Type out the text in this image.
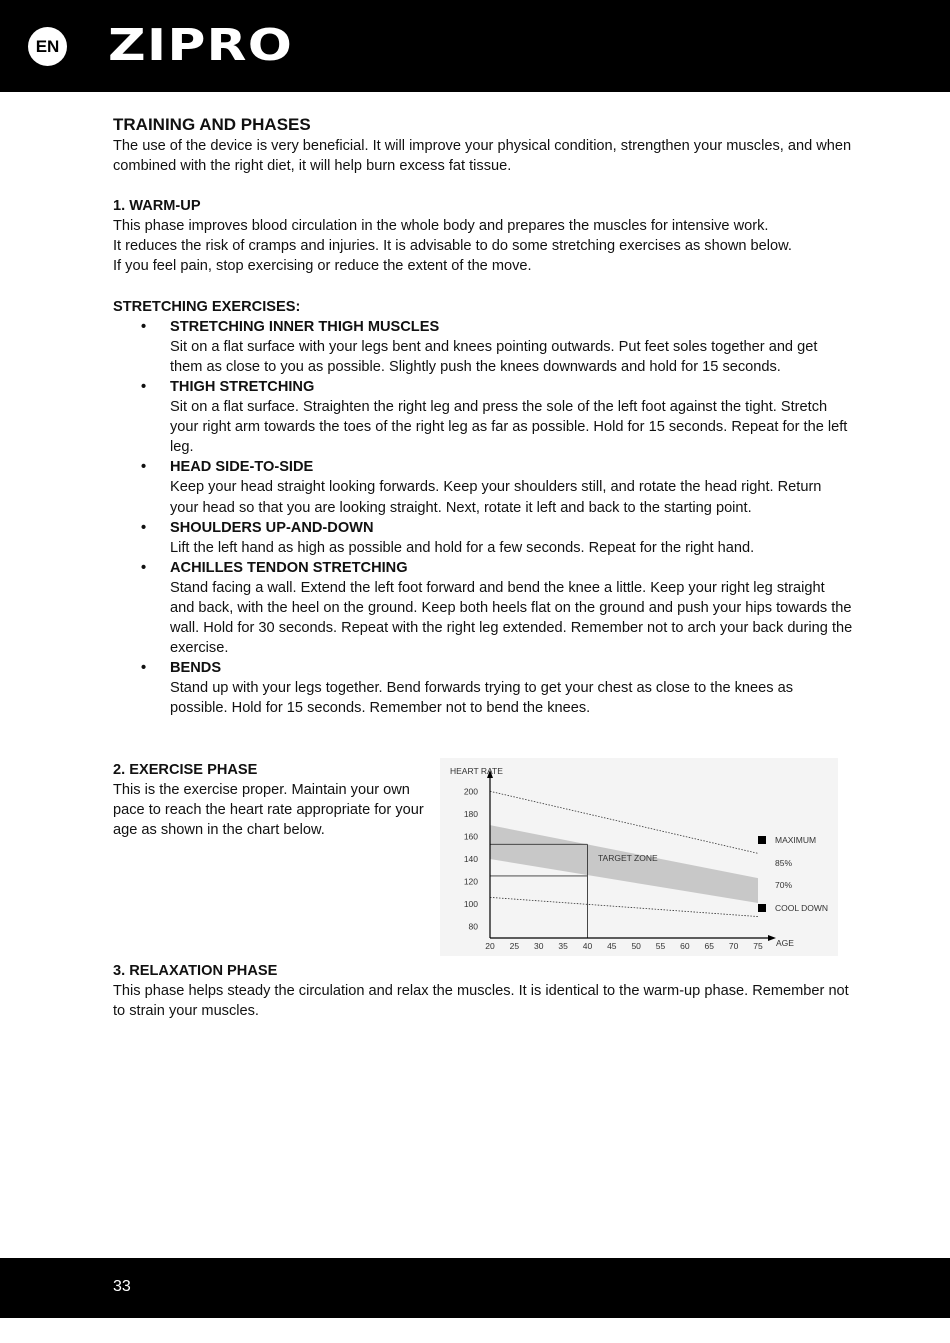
EN ZIPRO

TRAINING AND PHASES

The use of the device is very beneficial. It will improve your physical condition, strengthen your muscles, and when combined with the right diet, it will help burn excess fat tissue.

1. WARM-UP

This phase improves blood circulation in the whole body and prepares the muscles for intensive work.

It reduces the risk of cramps and injuries. It is advisable to do some stretching exercises as shown below.

If you feel pain, stop exercising or reduce the extent of the move.

STRETCHING EXERCISES:

• STRETCHING INNER THIGH MUSCLES

Sit on a flat surface with your legs bent and knees pointing outwards. Put feet soles together and get them as close to you as possible. Slightly push the knees downwards and hold for 15 seconds.

• THIGH STRETCHING

Sit on a flat surface. Straighten the right leg and press the sole of the left foot against the tight. Stretch your right arm towards the toes of the right leg as far as possible. Hold for 15 seconds. Repeat for the left leg.

• HEAD SIDE-TO-SIDE

Keep your head straight looking forwards. Keep your shoulders still, and rotate the head right. Return your head so that you are looking straight. Next, rotate it left and back to the starting point.

• SHOULDERS UP-AND-DOWN

Lift the left hand as high as possible and hold for a few seconds. Repeat for the right hand.

• ACHILLES TENDON STRETCHING

Stand facing a wall. Extend the left foot forward and bend the knee a little. Keep your right leg straight and back, with the heel on the ground. Keep both heels flat on the ground and push your hips towards the wall. Hold for 30 seconds. Repeat with the right leg extended. Remember not to arch your back during the exercise.

• BENDS

Stand up with your legs together. Bend forwards trying to get your chest as close to the knees as possible. Hold for 15 seconds. Remember not to bend the knees.

2. EXERCISE PHASE

This is the exercise proper. Maintain your own pace to reach the heart rate appropriate for your age as shown in the chart below.

80
100
120
140
160
180
200
20 25 30 35 40 45 50 55 60 65 70 75
HEART RATE
AGE
TARGET ZONE
MAXIMUM
85%
70%
COOL DOWN

3. RELAXATION PHASE

This phase helps steady the circulation and relax the muscles. It is identical to the warm-up phase. Remember not to strain your muscles.

33
